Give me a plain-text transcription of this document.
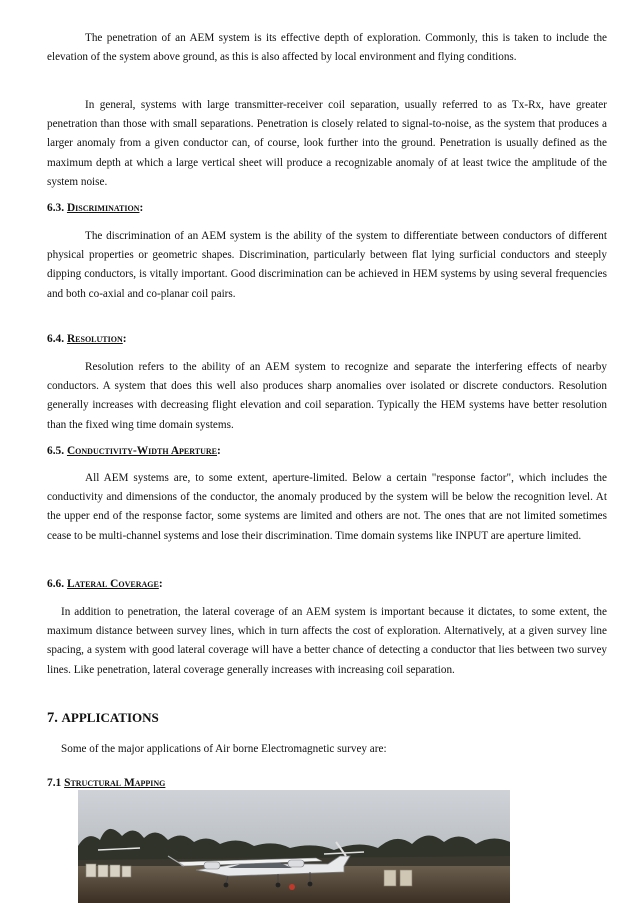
The penetration of an AEM system is its effective depth of exploration. Commonly, this is taken to include the elevation of the system above ground, as this is also affected by local environment and flying conditions.

In general, systems with large transmitter-receiver coil separation, usually referred to as Tx-Rx, have greater penetration than those with small separations. Penetration is closely related to signal-to-noise, as the system that produces a larger anomaly from a given conductor can, of course, look further into the ground. Penetration is usually defined as the maximum depth at which a large vertical sheet will produce a recognizable anomaly of at least twice the amplitude of the system noise.

6.3. Discrimination:

The discrimination of an AEM system is the ability of the system to differentiate between conductors of different physical properties or geometric shapes. Discrimination, particularly between flat lying surficial conductors and steeply dipping conductors, is vitally important. Good discrimination can be achieved in HEM systems by using several frequencies and both co-axial and co-planar coil pairs.

6.4. Resolution:

Resolution refers to the ability of an AEM system to recognize and separate the interfering effects of nearby conductors. A system that does this well also produces sharp anomalies over isolated or discrete conductors. Resolution generally increases with decreasing flight elevation and coil separation. Typically the HEM systems have better resolution than the fixed wing time domain systems.

6.5. Conductivity-Width Aperture:

All AEM systems are, to some extent, aperture-limited. Below a certain "response factor", which includes the conductivity and dimensions of the conductor, the anomaly produced by the system will be below the recognition level. At the upper end of the response factor, some systems are limited and others are not. The ones that are not limited sometimes cease to be multi-channel systems and lose their discrimination. Time domain systems like INPUT are aperture limited.

6.6. Lateral Coverage:

In addition to penetration, the lateral coverage of an AEM system is important because it dictates, to some extent, the maximum distance between survey lines, which in turn affects the cost of exploration. Alternatively, at a given survey line spacing, a system with good lateral coverage will have a better chance of detecting a conductor that lies between two survey lines. Like penetration, lateral coverage generally increases with increasing coil separation.

7. APPLICATIONS

Some of the major applications of Air borne Electromagnetic survey are:

7.1 Structural Mapping
